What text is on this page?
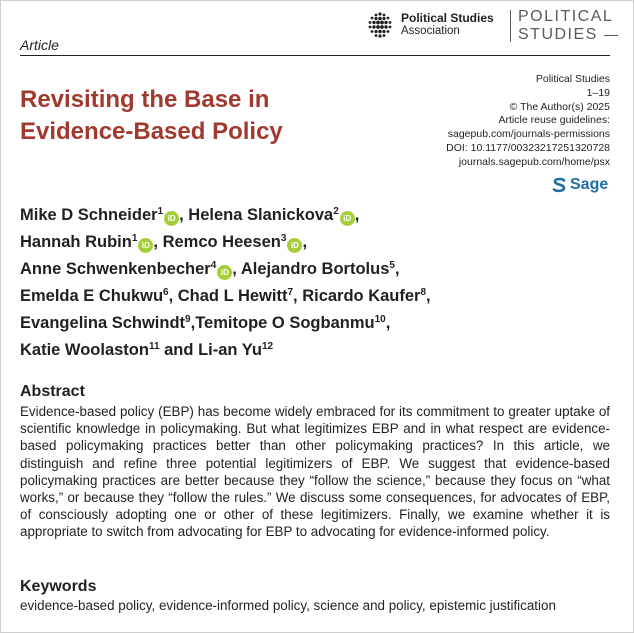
Political Studies
Association
POLITICAL
STUDIES
Article
Revisiting the Base in Evidence-Based Policy
Political Studies
1–19
© The Author(s) 2025
Article reuse guidelines:
sagepub.com/journals-permissions
DOI: 10.1177/00323217251320728
journals.sagepub.com/home/psx
Sage
Mike D Schneider$^1$iD , Helena Slanickova$^2$iD ,
Hannah Rubin$^1$iD , Remco Heesen$^3$iD ,
Anne Schwenkenbecher$^4$iD , Alejandro Bortolus$^5$,
Emelda E Chukwu$^6$, Chad L Hewitt$^7$, Ricardo Kaufer$^8$,
Evangelina Schwindt$^9$,Temitope O Sogbanmu$^{10}$,
Katie Woolaston$^{11}$ and Li-an Yu$^{12}$
Abstract
Evidence-based policy (EBP) has become widely embraced for its commitment to greater uptake of scientific knowledge in policymaking. But what legitimizes EBP and in what respect are evidence-based policymaking practices better than other policymaking practices? In this article, we distinguish and refine three potential legitimizers of EBP. We suggest that evidence-based policymaking practices are better because they “follow the science,” because they focus on “what works,” or because they “follow the rules.” We discuss some consequences, for advocates of EBP, of consciously adopting one or other of these legitimizers. Finally, we examine whether it is appropriate to switch from advocating for EBP to advocating for evidence-informed policy.
Keywords
evidence-based policy, evidence-informed policy, science and policy, epistemic justification
